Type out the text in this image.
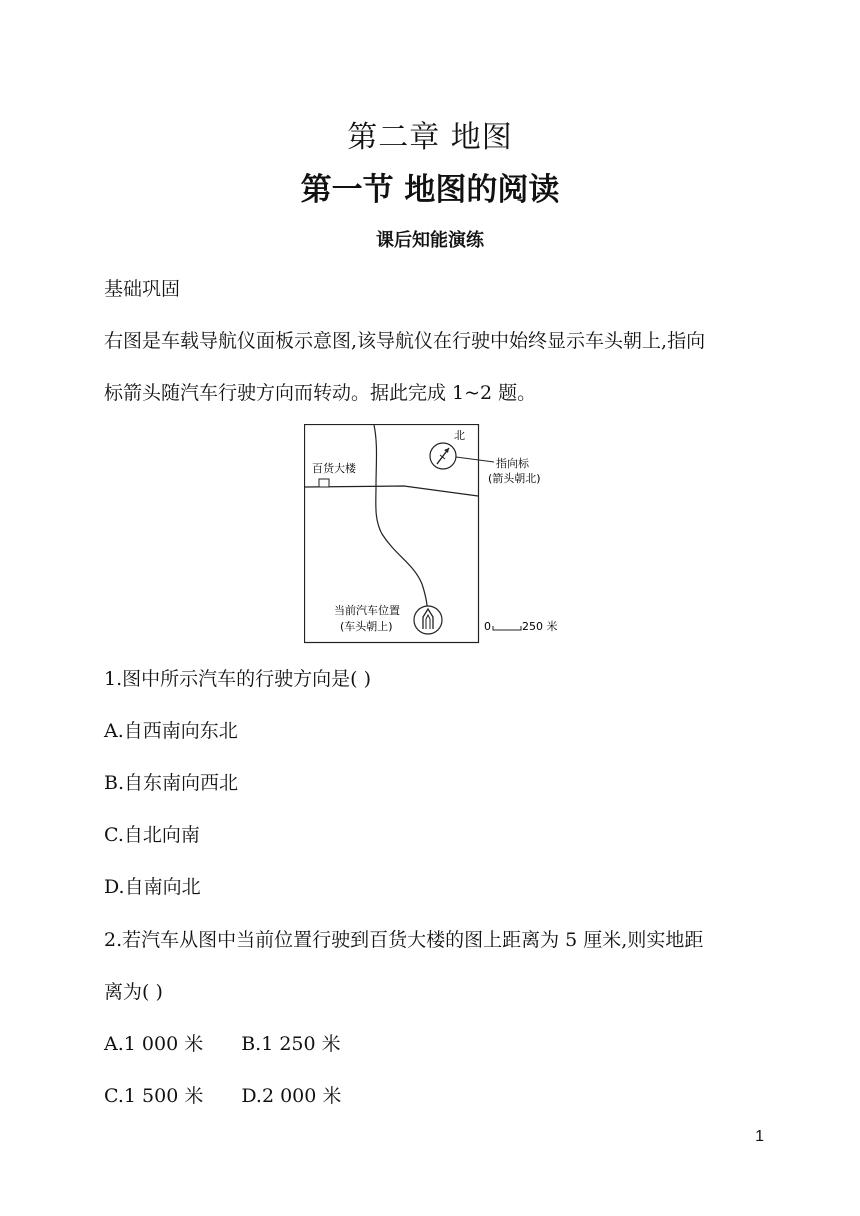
第二章 地图
第一节 地图的阅读
课后知能演练
基础巩固
右图是车载导航仪面板示意图,该导航仪在行驶中始终显示车头朝上,指向
标箭头随汽车行驶方向而转动。据此完成 1~2 题。
百货大楼
北
指向标
(箭头朝北)
当前汽车位置
(车头朝上)	0	250 米
1.图中所示汽车的行驶方向是( )
A.自西南向东北
B.自东南向西北
C.自北向南
D.自南向北
2.若汽车从图中当前位置行驶到百货大楼的图上距离为 5 厘米,则实地距
离为( )
A.1 000 米 B.1 250 米
C.1 500 米 D.2 000 米
1
